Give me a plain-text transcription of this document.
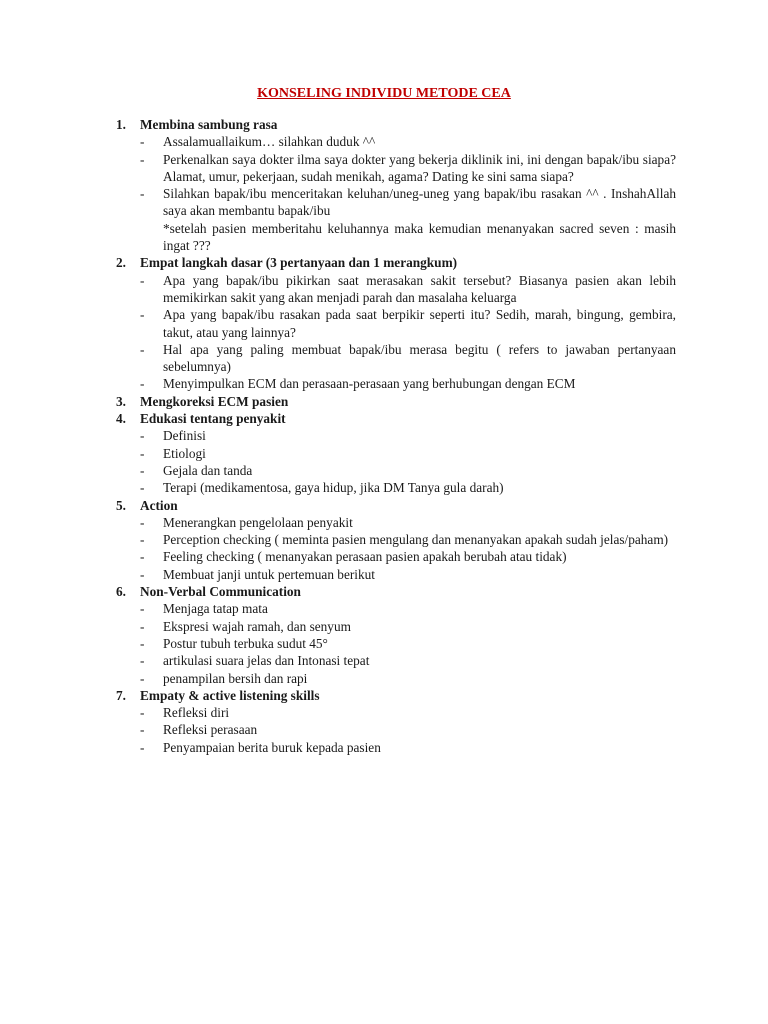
KONSELING INDIVIDU METODE CEA
1.	Membina sambung rasa
-	Assalamuallaikum… silahkan duduk ^^
-	Perkenalkan saya dokter ilma saya dokter yang bekerja diklinik ini, ini dengan bapak/ibu siapa? Alamat, umur, pekerjaan, sudah menikah, agama? Dating ke sini sama siapa?
-	Silahkan bapak/ibu menceritakan keluhan/uneg-uneg yang bapak/ibu rasakan ^^ . InshahAllah saya akan membantu bapak/ibu
*setelah pasien memberitahu keluhannya maka kemudian menanyakan sacred seven : masih ingat ???
2.	Empat langkah dasar (3 pertanyaan dan 1 merangkum)
-	Apa yang bapak/ibu pikirkan saat merasakan sakit tersebut? Biasanya pasien akan lebih memikirkan sakit yang akan menjadi parah dan masalaha keluarga
-	Apa yang bapak/ibu rasakan pada saat berpikir seperti itu? Sedih, marah, bingung, gembira, takut, atau yang lainnya?
-	Hal apa yang paling membuat bapak/ibu merasa begitu ( refers to jawaban pertanyaan sebelumnya)
-	Menyimpulkan ECM dan perasaan-perasaan yang berhubungan dengan ECM
3.	Mengkoreksi ECM pasien
4.	Edukasi tentang penyakit
-	Definisi
-	Etiologi
-	Gejala dan tanda
-	Terapi (medikamentosa, gaya hidup, jika DM Tanya gula darah)
5.	Action
-	Menerangkan pengelolaan penyakit
-	Perception checking ( meminta pasien mengulang dan menanyakan apakah sudah jelas/paham)
-	Feeling checking ( menanyakan perasaan pasien apakah berubah atau tidak)
-	Membuat janji untuk pertemuan berikut
6.	Non-Verbal Communication
-	Menjaga tatap mata
-	Ekspresi wajah ramah, dan senyum
-	Postur tubuh terbuka sudut 45°
-	artikulasi suara jelas dan Intonasi tepat
-	penampilan bersih dan rapi
7.	Empaty & active listening skills
-	Refleksi diri
-	Refleksi perasaan
-	Penyampaian berita buruk kepada pasien
